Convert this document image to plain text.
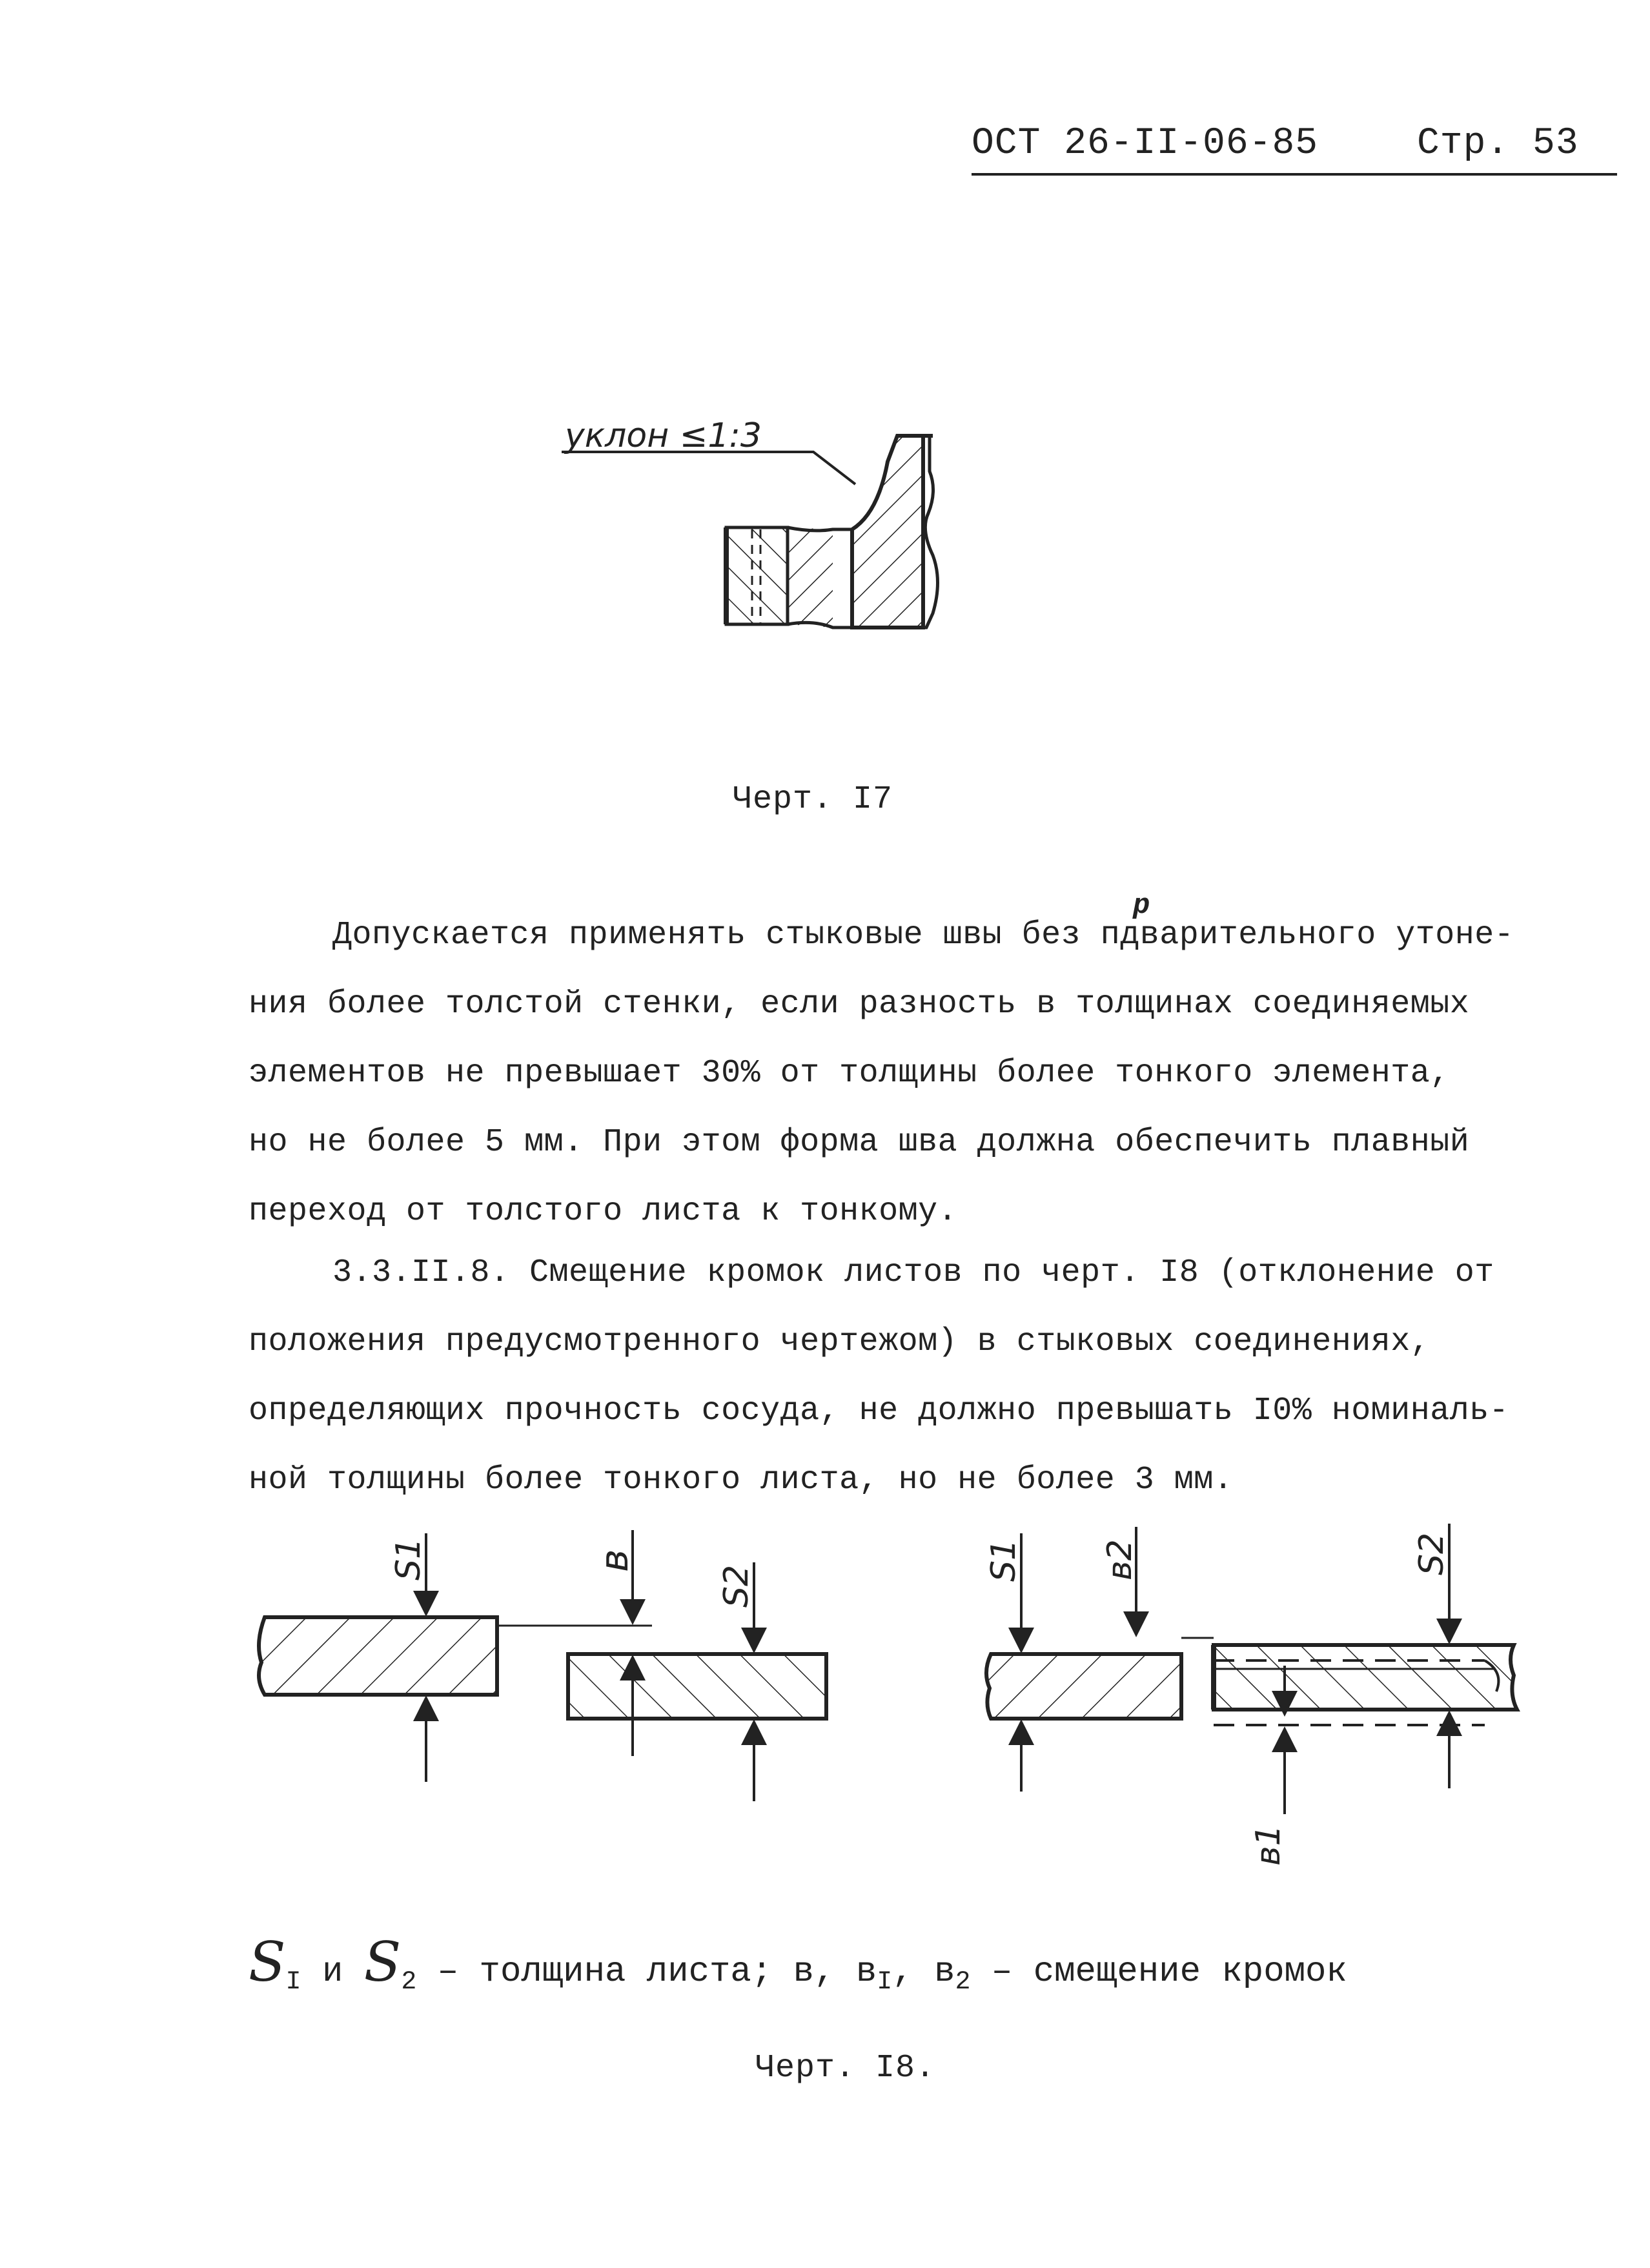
ОСТ 26-II-06-85	Стр. 53
уклон ≤1:3
Черт. I7
Допускается применять стыковые швы без пдварительного утоне-
ния более толстой стенки, если разность в толщинах соединяемых
элементов не превышает 30% от толщины более тонкого элемента,
но не более 5 мм. При этом форма шва должна обеспечить плавный
переход от толстого листа к тонкому.
р
3.3.II.8. Смещение кромок листов по черт. I8 (отклонение от
положения предусмотренного чертежом) в стыковых соединениях,
определяющих прочность сосуда, не должно превышать I0% номиналь-
ной толщины более тонкого листа, но не более 3 мм.
S1	в
S2
S1 в2
в1
S2
$S_I$ и $S_2$ – толщина листа; в, $в_I$, $в_2$ – смещение кромок
Черт. I8.
